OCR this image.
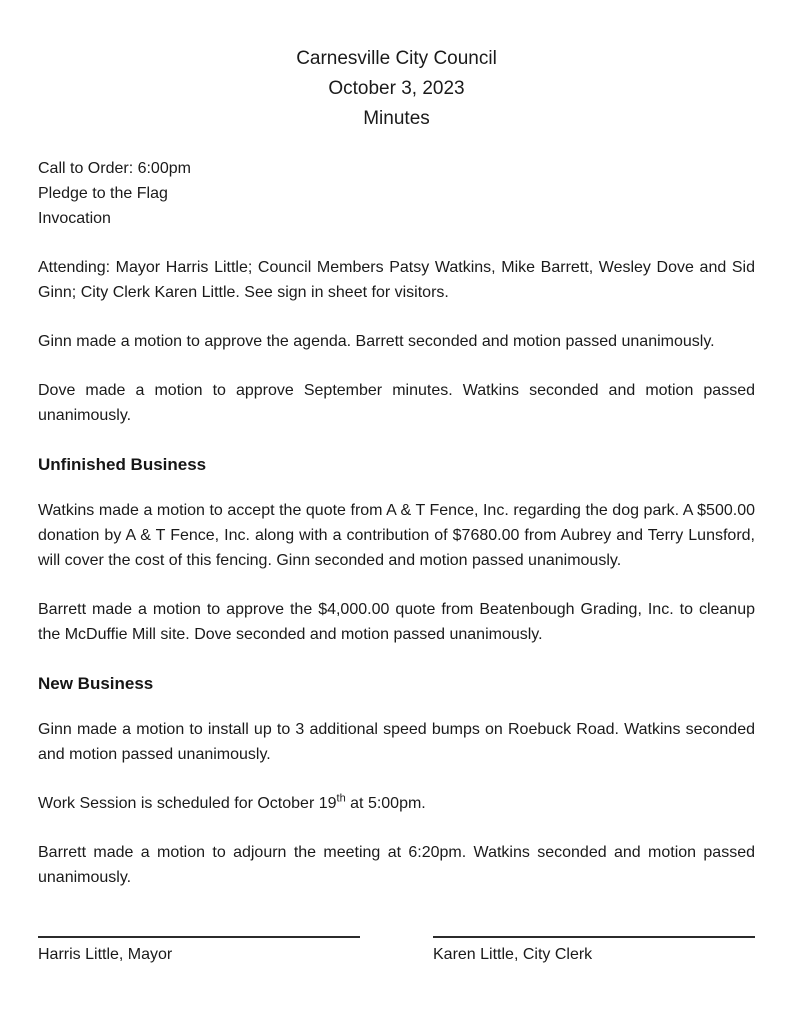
Carnesville City Council
October 3, 2023
Minutes
Call to Order: 6:00pm
Pledge to the Flag
Invocation

Attending: Mayor Harris Little; Council Members Patsy Watkins, Mike Barrett, Wesley Dove and Sid Ginn; City Clerk Karen Little. See sign in sheet for visitors.

Ginn made a motion to approve the agenda. Barrett seconded and motion passed unanimously.

Dove made a motion to approve September minutes. Watkins seconded and motion passed unanimously.

Unfinished Business

Watkins made a motion to accept the quote from A & T Fence, Inc. regarding the dog park. A $500.00 donation by A & T Fence, Inc. along with a contribution of $7680.00 from Aubrey and Terry Lunsford, will cover the cost of this fencing. Ginn seconded and motion passed unanimously.

Barrett made a motion to approve the $4,000.00 quote from Beatenbough Grading, Inc. to cleanup the McDuffie Mill site. Dove seconded and motion passed unanimously.

New Business

Ginn made a motion to install up to 3 additional speed bumps on Roebuck Road. Watkins seconded and motion passed unanimously.

Work Session is scheduled for October 19th at 5:00pm.

Barrett made a motion to adjourn the meeting at 6:20pm. Watkins seconded and motion passed unanimously.

Harris Little, Mayor	Karen Little, City Clerk
